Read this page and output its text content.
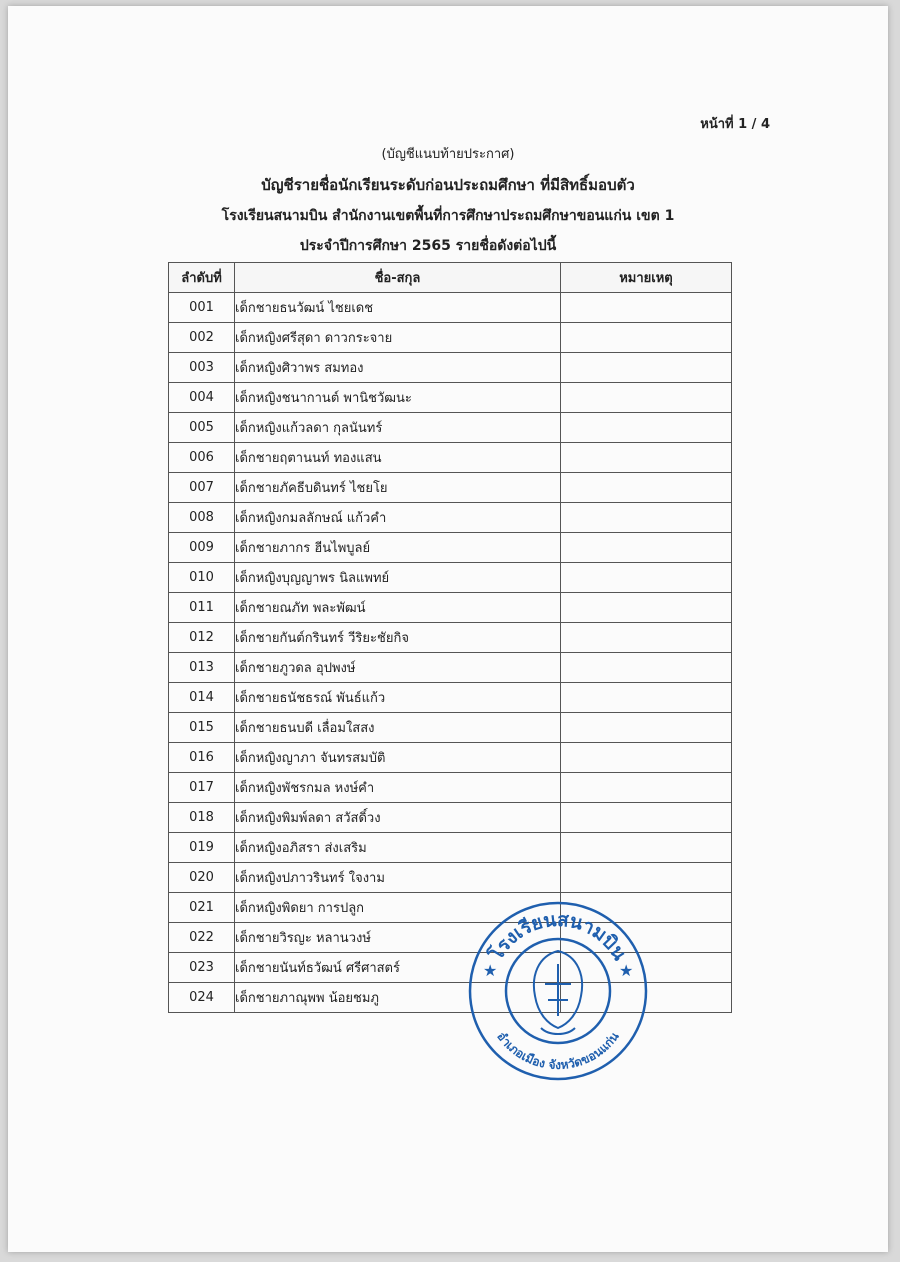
หน้าที่ 1 / 4
(บัญชีแนบท้ายประกาศ)
บัญชีรายชื่อนักเรียนระดับก่อนประถมศึกษา ที่มีสิทธิ์มอบตัว
โรงเรียนสนามบิน สำนักงานเขตพื้นที่การศึกษาประถมศึกษาขอนแก่น เขต 1
ประจำปีการศึกษา 2565 รายชื่อดังต่อไปนี้
ลำดับที่	ชื่อ-สกุล	หมายเหตุ
001	เด็กชายธนวัฒน์ ไชยเดช	
002	เด็กหญิงศรีสุดา ดาวกระจาย	
003	เด็กหญิงศิวาพร สมทอง	
004	เด็กหญิงชนากานต์ พานิชวัฒนะ	
005	เด็กหญิงแก้วลดา กุลนันทร์	
006	เด็กชายฤตานนท์ ทองแสน	
007	เด็กชายภัคธีบดินทร์ ไชยโย	
008	เด็กหญิงกมลลักษณ์ แก้วคำ	
009	เด็กชายภากร ฮีนไพบูลย์	
010	เด็กหญิงบุญญาพร นิลแพทย์	
011	เด็กชายณภัท พละพัฒน์	
012	เด็กชายกันต์กรินทร์ วีริยะชัยกิจ	
013	เด็กชายภูวดล อุปพงษ์	
014	เด็กชายธนัชธรณ์ พันธ์แก้ว	
015	เด็กชายธนบดี เลื่อมใสสง	
016	เด็กหญิงญาภา จันทรสมบัติ	
017	เด็กหญิงพัชรกมล หงษ์คำ	
018	เด็กหญิงพิมพ์ลดา สวัสดิ์วง	
019	เด็กหญิงอภิสรา ส่งเสริม	
020	เด็กหญิงปภาวรินทร์ ใจงาม	
021	เด็กหญิงพิดยา การปลูก	
022	เด็กชายวิรญะ หลานวงษ์	
023	เด็กชายนันท์ธวัฒน์ ศรีศาสตร์	
024	เด็กชายภาณุพพ น้อยชมภู	
โรงเรียนสนามบิน
อำเภอเมือง จังหวัดขอนแก่น
★	★
